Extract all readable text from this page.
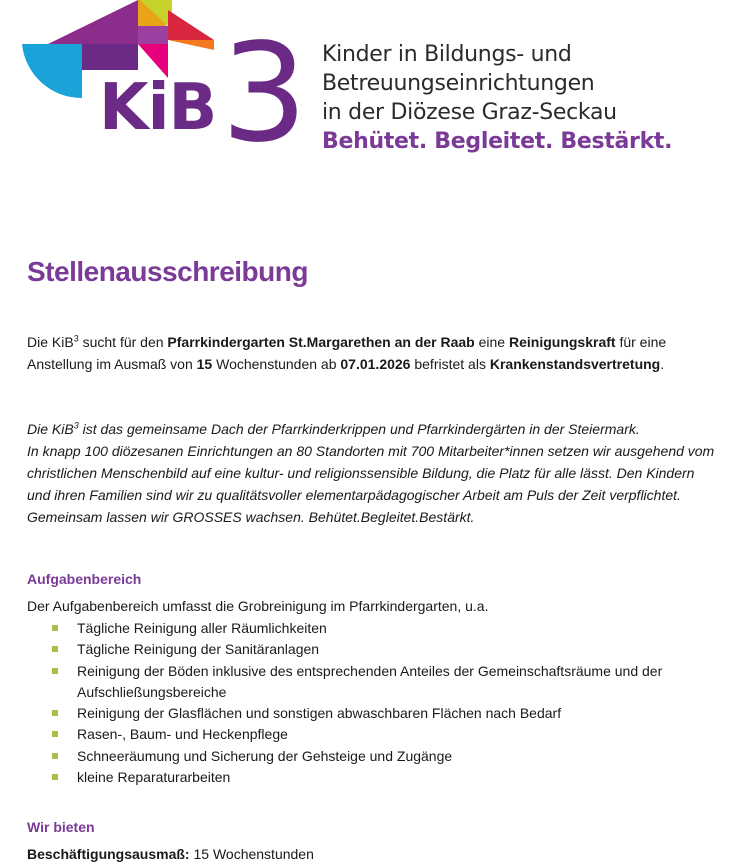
KiB 3 Kinder in Bildungs- und
Betreuungseinrichtungen
in der Diözese Graz-Seckau
Behütet. Begleitet. Bestärkt.
Stellenausschreibung

Die KiB$^3$ sucht für den Pfarrkindergarten St.Margarethen an der Raab eine Reinigungskraft für eine Anstellung im Ausmaß von 15 Wochenstunden ab 07.01.2026 befristet als Krankenstandsvertretung.

Die KiB$^3$ ist das gemeinsame Dach der Pfarrkinderkrippen und Pfarrkindergärten in der Steiermark.
In knapp 100 diözesanen Einrichtungen an 80 Standorten mit 700 Mitarbeiter*innen setzen wir ausgehend vom christlichen Menschenbild auf eine kultur- und religionssensible Bildung, die Platz für alle lässt. Den Kindern und ihren Familien sind wir zu qualitätsvoller elementarpädagogischer Arbeit am Puls der Zeit verpflichtet. Gemeinsam lassen wir GROSSES wachsen. Behütet.Begleitet.Bestärkt.

Aufgabenbereich

Der Aufgabenbereich umfasst die Grobreinigung im Pfarrkindergarten, u.a.

Tägliche Reinigung aller Räumlichkeiten
Tägliche Reinigung der Sanitäranlagen
Reinigung der Böden inklusive des entsprechenden Anteiles der Gemeinschaftsräume und der Aufschließungsbereiche
Reinigung der Glasflächen und sonstigen abwaschbaren Flächen nach Bedarf
Rasen-, Baum- und Heckenpflege
Schneeräumung und Sicherung der Gehsteige und Zugänge
kleine Reparaturarbeiten
Wir bieten

Beschäftigungsausmaß: 15 Wochenstunden
